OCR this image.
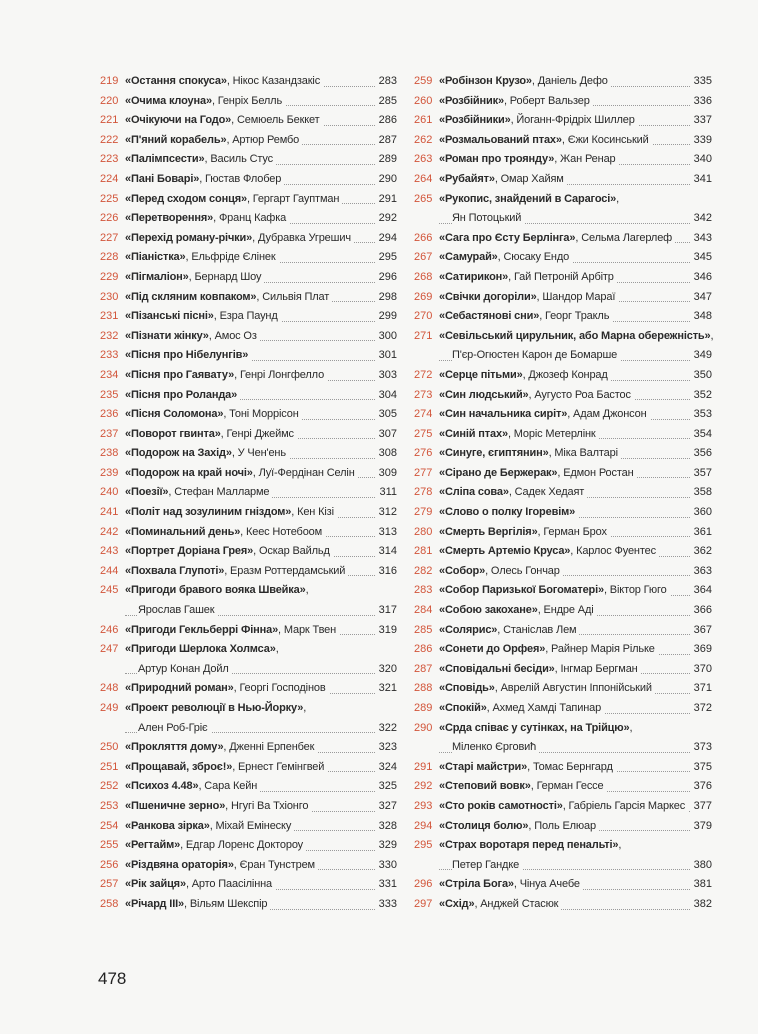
219 «Остання спокуса», Нікос Казандзакіс	283
220 «Очима клоуна», Генріх Белль	285
221 «Очікуючи на Годо», Семюель Беккет	286
222 «П'яний корабель», Артюр Рембо	287
223 «Палімпсести», Василь Стус	289
224 «Пані Боварі», Гюстав Флобер	290
225 «Перед сходом сонця», Гергарт Гауптман	291
226 «Перетворення», Франц Кафка	292
227 «Перехід роману-річки», Дубравка Угрешич	294
228 «Піаністка», Ельфріде Єлінек	295
229 «Пігмаліон», Бернард Шоу	296
230 «Під скляним ковпаком», Сильвія Плат	298
231 «Пізанські пісні», Езра Паунд	299
232 «Пізнати жінку», Амос Оз	300
233 «Пісня про Нібелунгів»	301
234 «Пісня про Гаявату», Генрі Лонгфелло	303
235 «Пісня про Роланда»	304
236 «Пісня Соломона», Тоні Моррісон	305
237 «Поворот гвинта», Генрі Джеймс	307
238 «Подорож на Захід», У Чен'ень	308
239 «Подорож на край ночі», Луї-Фердінан Селін 309
240 «Поезії», Стефан Малларме	311
241 «Політ над зозулиним гніздом», Кен Кізі	312
242 «Поминальний день», Кеес Нотебоом	313
243 «Портрет Доріана Грея», Оскар Вайльд	314
244 «Похвала Глупоті», Еразм Роттердамський	316
245 «Пригоди бравого вояка Швейка»,
Ярослав Гашек	317
246 «Пригоди Гекльберрі Фінна», Марк Твен	319
247 «Пригоди Шерлока Холмса»,
Артур Конан Дойл	320
248 «Природний роман», Георгі Господінов	321
249 «Проект революції в Нью-Йорку»,
Ален Роб-Гріє	322
250 «Прокляття дому», Дженні Ерпенбек	323
251 «Прощавай, зброє!», Ернест Гемінгвей	324
252 «Психоз 4.48», Сара Кейн	325
253 «Пшеничне зерно», Нгугі Ва Тхіонго	327
254 «Ранкова зірка», Міхай Емінеску	328
255 «Регтайм», Едгар Лоренс Доктороу	329
256 «Різдвяна ораторія», Єран Тунстрем	330
257 «Рік зайця», Арто Паасілінна	331
258 «Річард III», Вільям Шекспір	333
259 «Робінзон Крузо», Даніель Дефо	335
260 «Розбійник», Роберт Вальзер	336
261 «Розбійники», Йоганн-Фрідріх Шиллер	337
262 «Розмальований птах», Єжи Косинський	339
263 «Роман про троянду», Жан Ренар	340
264 «Рубайят», Омар Хайям	341
265 «Рукопис, знайдений в Сарагосі»,
Ян Потоцький	342
266 «Сага про Єсту Берлінга», Сельма Лагерлеф 343
267 «Самурай», Сюсаку Ендо	345
268 «Сатирикон», Гай Петроній Арбітр	346
269 «Свічки догоріли», Шандор Мараї	347
270 «Себастянові сни», Георг Тракль	348
271 «Севільський цирульник, або Марна обережність»,
П'єр-Огюстен Карон де Бомарше	349
272 «Серце пітьми», Джозеф Конрад	350
273 «Син людський», Аугусто Роа Бастос	352
274 «Син начальника сиріт», Адам Джонсон	353
275 «Синій птах», Моріс Метерлінк	354
276 «Синуге, єгиптянин», Міка Валтарі	356
277 «Сірано де Бержерак», Едмон Ростан	357
278 «Сліпа сова», Садек Хедаят	358
279 «Слово о полку Ігоревім»	360
280 «Смерть Вергілія», Герман Брох	361
281 «Смерть Артеміо Круса», Карлос Фуентес	362
282 «Собор», Олесь Гончар	363
283 «Собор Паризької Богоматері», Віктор Гюго 364
284 «Собою закохане», Ендре Аді	366
285 «Солярис», Станіслав Лем	367
286 «Сонети до Орфея», Райнер Марія Рільке	369
287 «Сповідальні бесіди», Інгмар Бергман	370
288 «Сповідь», Аврелій Августин Іппонійський	371
289 «Спокій», Ахмед Хамді Тапинар	372
290 «Срда співає у сутінках, на Трійцю»,
Міленко Єрговић	373
291 «Старі майстри», Томас Бернгард	375
292 «Степовий вовк», Герман Гессе	376
293 «Сто років самотності», Габріель Гарсія Маркес 377
294 «Столиця болю», Поль Елюар	379
295 «Страх воротаря перед пенальті»,
Петер Гандке	380
296 «Стріла Бога», Чінуа Ачебе	381
297 «Схід», Анджей Стасюк	382
478
